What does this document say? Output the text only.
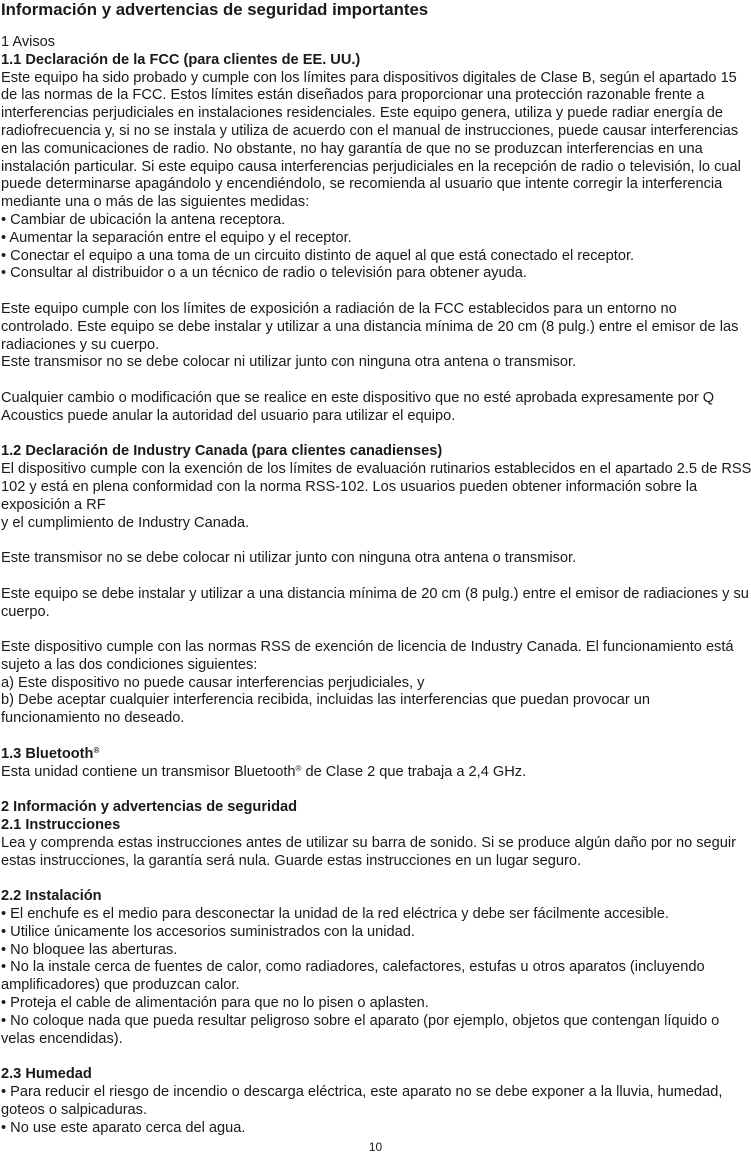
Información y advertencias de seguridad importantes
1 Avisos
1.1 Declaración de la FCC (para clientes de EE. UU.)

Este equipo ha sido probado y cumple con los límites para dispositivos digitales de Clase B, según el apartado 15 de las normas de la FCC. Estos límites están diseñados para proporcionar una protección razonable frente a interferencias perjudiciales en instalaciones residenciales. Este equipo genera, utiliza y puede radiar energía de radiofrecuencia y, si no se instala y utiliza de acuerdo con el manual de instrucciones, puede causar interferencias en las comunicaciones de radio. No obstante, no hay garantía de que no se produzcan interferencias en una instalación particular. Si este equipo causa interferencias perjudiciales en la recepción de radio o televisión, lo cual puede determinarse apagándolo y encendiéndolo, se recomienda al usuario que intente corregir la interferencia mediante una o más de las siguientes medidas:

• Cambiar de ubicación la antena receptora.

• Aumentar la separación entre el equipo y el receptor.

• Conectar el equipo a una toma de un circuito distinto de aquel al que está conectado el receptor.

• Consultar al distribuidor o a un técnico de radio o televisión para obtener ayuda.

Este equipo cumple con los límites de exposición a radiación de la FCC establecidos para un entorno no controlado. Este equipo se debe instalar y utilizar a una distancia mínima de 20 cm (8 pulg.) entre el emisor de las radiaciones y su cuerpo.

Este transmisor no se debe colocar ni utilizar junto con ninguna otra antena o transmisor.

Cualquier cambio o modificación que se realice en este dispositivo que no esté aprobada expresamente por Q Acoustics puede anular la autoridad del usuario para utilizar el equipo.

1.2 Declaración de Industry Canada (para clientes canadienses)

El dispositivo cumple con la exención de los límites de evaluación rutinarios establecidos en el apartado 2.5 de RSS 102 y está en plena conformidad con la norma RSS-102. Los usuarios pueden obtener información sobre la exposición a RF

y el cumplimiento de Industry Canada.

Este transmisor no se debe colocar ni utilizar junto con ninguna otra antena o transmisor.

Este equipo se debe instalar y utilizar a una distancia mínima de 20 cm (8 pulg.) entre el emisor de radiaciones y su cuerpo.

Este dispositivo cumple con las normas RSS de exención de licencia de Industry Canada. El funcionamiento está sujeto a las dos condiciones siguientes:

a) Este dispositivo no puede causar interferencias perjudiciales, y

b) Debe aceptar cualquier interferencia recibida, incluidas las interferencias que puedan provocar un funcionamiento no deseado.

1.3 Bluetooth®

Esta unidad contiene un transmisor Bluetooth® de Clase 2 que trabaja a 2,4 GHz.

2 Información y advertencias de seguridad
2.1 Instrucciones

Lea y comprenda estas instrucciones antes de utilizar su barra de sonido. Si se produce algún daño por no seguir estas instrucciones, la garantía será nula. Guarde estas instrucciones en un lugar seguro.

2.2 Instalación

• El enchufe es el medio para desconectar la unidad de la red eléctrica y debe ser fácilmente accesible.

• Utilice únicamente los accesorios suministrados con la unidad.

• No bloquee las aberturas.

• No la instale cerca de fuentes de calor, como radiadores, calefactores, estufas u otros aparatos (incluyendo amplificadores) que produzcan calor.

• Proteja el cable de alimentación para que no lo pisen o aplasten.

• No coloque nada que pueda resultar peligroso sobre el aparato (por ejemplo, objetos que contengan líquido o velas encendidas).

2.3 Humedad

• Para reducir el riesgo de incendio o descarga eléctrica, este aparato no se debe exponer a la lluvia, humedad, goteos o salpicaduras.

• No use este aparato cerca del agua.

10
